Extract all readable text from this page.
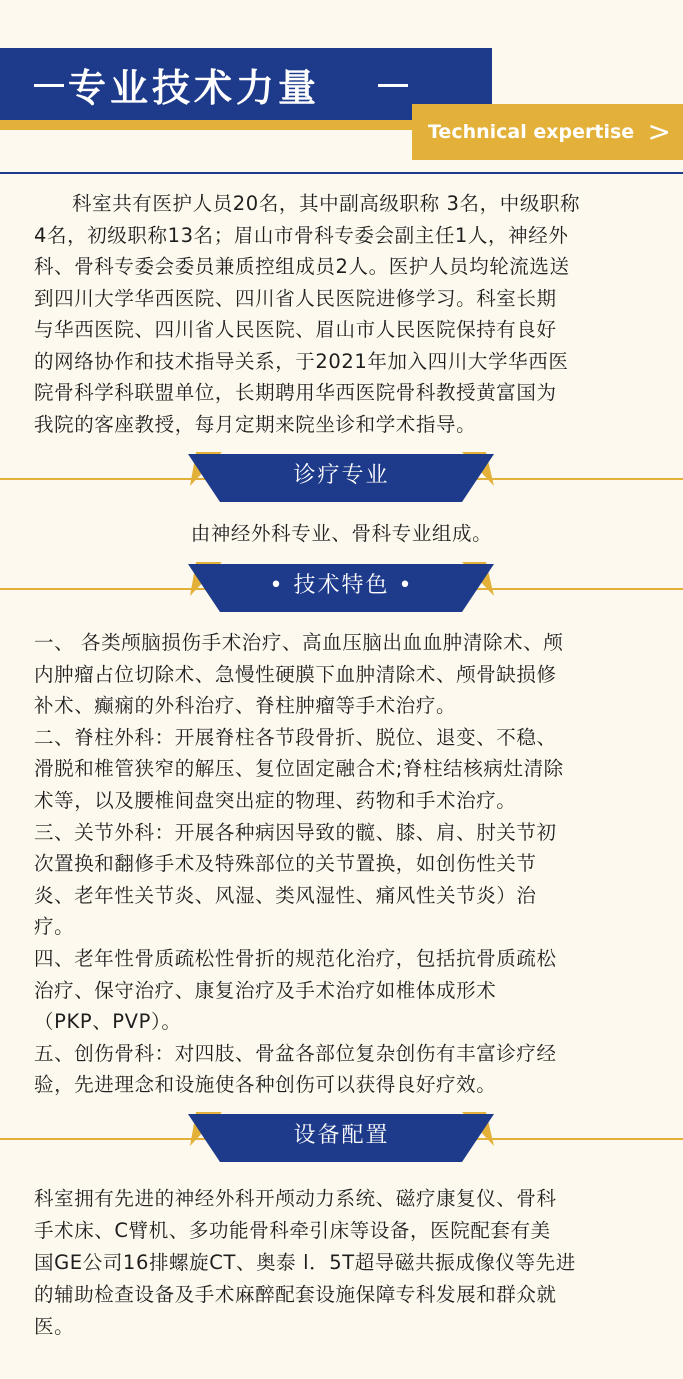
专业技术力量
Technical expertise >
科室共有医护人员20名，其中副高级职称 3名，中级职称
4名，初级职称13名；眉山市骨科专委会副主任1人，神经外
科、骨科专委会委员兼质控组成员2人。医护人员均轮流选送
到四川大学华西医院、四川省人民医院进修学习。科室长期
与华西医院、四川省人民医院、眉山市人民医院保持有良好
的网络协作和技术指导关系，于2021年加入四川大学华西医
院骨科学科联盟单位，长期聘用华西医院骨科教授黄富国为
我院的客座教授，每月定期来院坐诊和学术指导。
诊疗专业
由神经外科专业、骨科专业组成。
• 技术特色 •
一、 各类颅脑损伤手术治疗、高血压脑出血血肿清除术、颅
内肿瘤占位切除术、急慢性硬膜下血肿清除术、颅骨缺损修
补术、癫痫的外科治疗、脊柱肿瘤等手术治疗。
二、脊柱外科：开展脊柱各节段骨折、脱位、退变、不稳、
滑脱和椎管狭窄的解压、复位固定融合术;脊柱结核病灶清除
术等，以及腰椎间盘突出症的物理、药物和手术治疗。
三、关节外科：开展各种病因导致的髋、膝、肩、肘关节初
次置换和翻修手术及特殊部位的关节置换，如创伤性关节
炎、老年性关节炎、风湿、类风湿性、痛风性关节炎）治
疗。
四、老年性骨质疏松性骨折的规范化治疗，包括抗骨质疏松
治疗、保守治疗、康复治疗及手术治疗如椎体成形术
（PKP、PVP）。
五、创伤骨科：对四肢、骨盆各部位复杂创伤有丰富诊疗经
验，先进理念和设施使各种创伤可以获得良好疗效。
设备配置
科室拥有先进的神经外科开颅动力系统、磁疗康复仪、骨科
手术床、C臂机、多功能骨科牵引床等设备，医院配套有美
国GE公司16排螺旋CT、奥泰 l．5T超导磁共振成像仪等先进
的辅助检查设备及手术麻醉配套设施保障专科发展和群众就
医。
